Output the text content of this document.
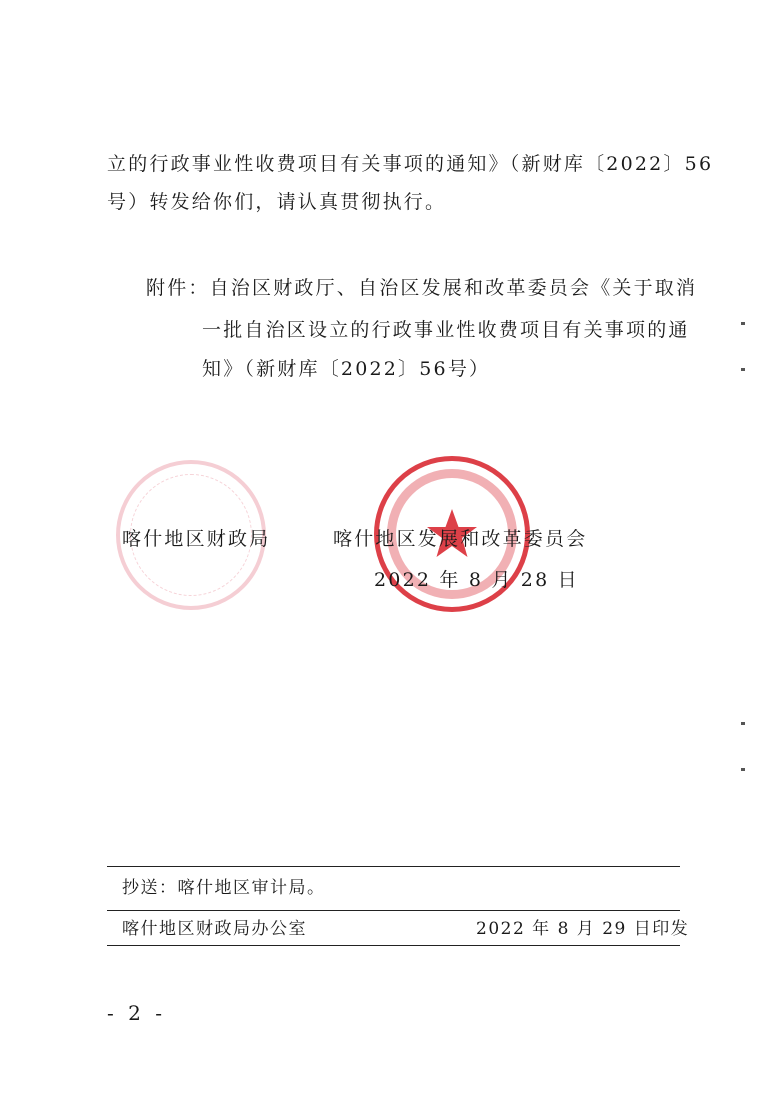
立的行政事业性收费项目有关事项的通知》（新财库〔2022〕56
号）转发给你们，请认真贯彻执行。
附件：自治区财政厅、自治区发展和改革委员会《关于取消
一批自治区设立的行政事业性收费项目有关事项的通
知》（新财库〔2022〕56号）
喀什地区财政局	喀什地区发展和改革委员会
2022 年 8 月 28 日
抄送：喀什地区审计局。
喀什地区财政局办公室	2022 年 8 月 29 日印发
- 2 -
